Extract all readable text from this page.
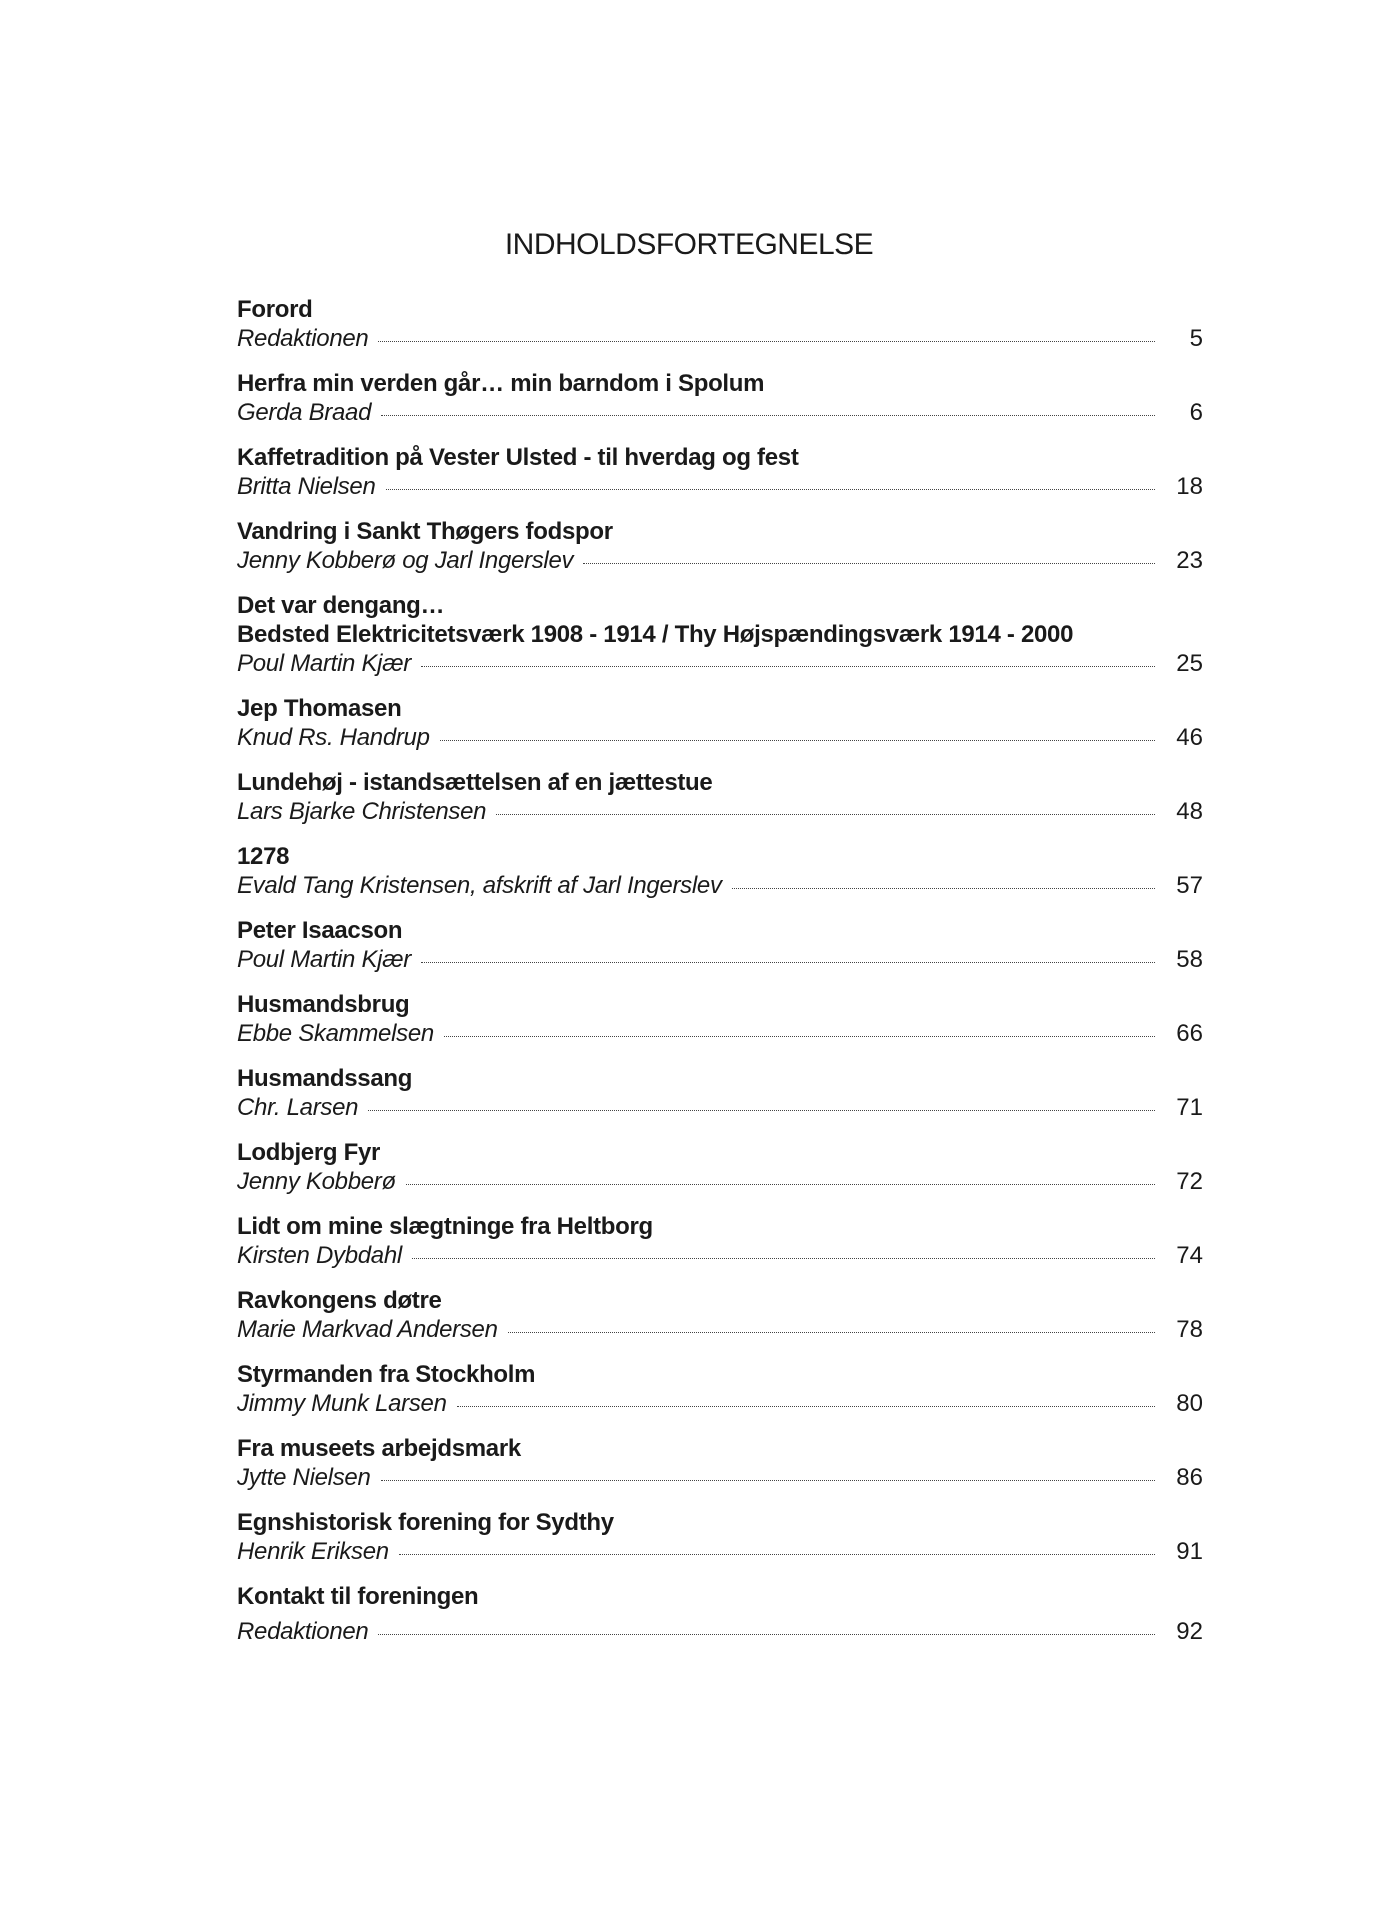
INDHOLDSFORTEGNELSE
Forord
Redaktionen	5
Herfra min verden går… min barndom i Spolum
Gerda Braad	6
Kaffetradition på Vester Ulsted - til hverdag og fest
Britta Nielsen	18
Vandring i Sankt Thøgers fodspor
Jenny Kobberø og Jarl Ingerslev	23
Det var dengang…
Bedsted Elektricitetsværk 1908 - 1914 / Thy Højspændingsværk 1914 - 2000
Poul Martin Kjær	25
Jep Thomasen
Knud Rs. Handrup	46
Lundehøj - istandsættelsen af en jættestue
Lars Bjarke Christensen	48
1278
Evald Tang Kristensen, afskrift af Jarl Ingerslev	57
Peter Isaacson
Poul Martin Kjær	58
Husmandsbrug
Ebbe Skammelsen	66
Husmandssang
Chr. Larsen	71
Lodbjerg Fyr
Jenny Kobberø	72
Lidt om mine slægtninge fra Heltborg
Kirsten Dybdahl	74
Ravkongens døtre
Marie Markvad Andersen	78
Styrmanden fra Stockholm
Jimmy Munk Larsen	80
Fra museets arbejdsmark
Jytte Nielsen	86
Egnshistorisk forening for Sydthy
Henrik Eriksen	91
Kontakt til foreningen
Redaktionen	92
